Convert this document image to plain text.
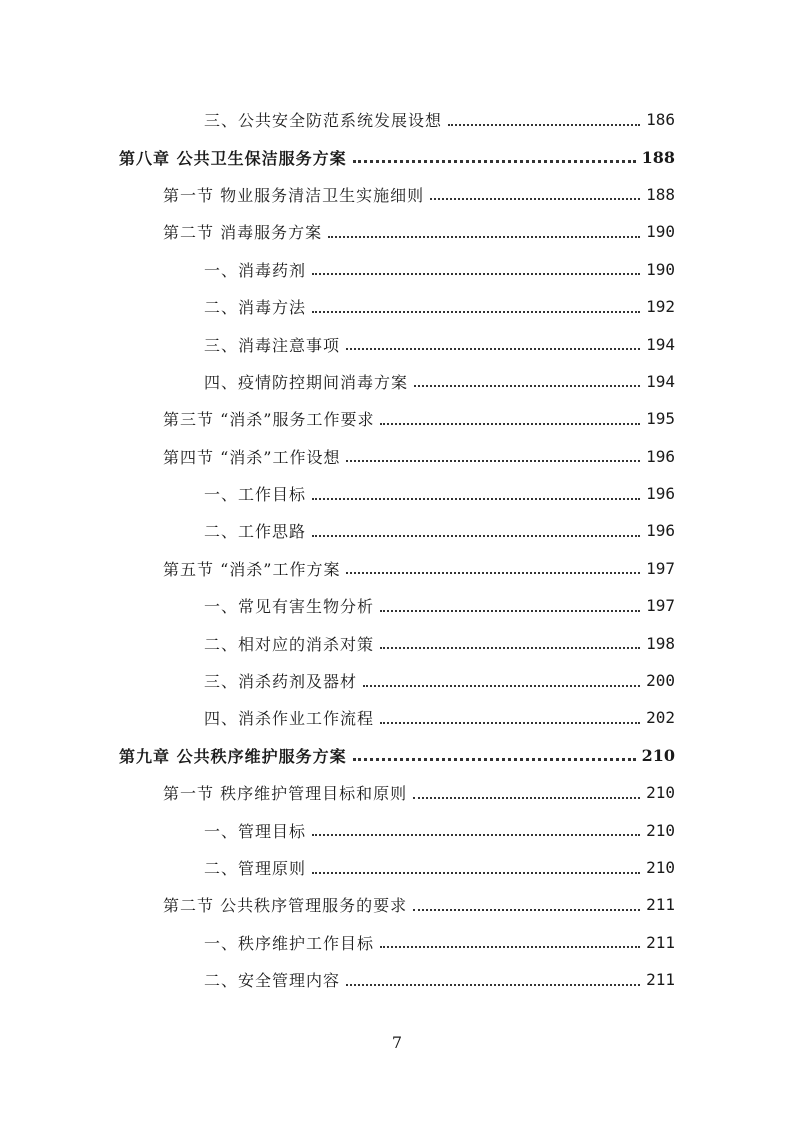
三、公共安全防范系统发展设想	186
第八章 公共卫生保洁服务方案	188
第一节 物业服务清洁卫生实施细则	188
第二节 消毒服务方案	190
一、消毒药剂	190
二、消毒方法	192
三、消毒注意事项	194
四、疫情防控期间消毒方案	194
第三节 “消杀”服务工作要求	195
第四节 “消杀”工作设想	196
一、工作目标	196
二、工作思路	196
第五节 “消杀”工作方案	197
一、常见有害生物分析	197
二、相对应的消杀对策	198
三、消杀药剂及器材	200
四、消杀作业工作流程	202
第九章 公共秩序维护服务方案	210
第一节 秩序维护管理目标和原则	210
一、管理目标	210
二、管理原则	210
第二节 公共秩序管理服务的要求	211
一、秩序维护工作目标	211
二、安全管理内容	211
7
